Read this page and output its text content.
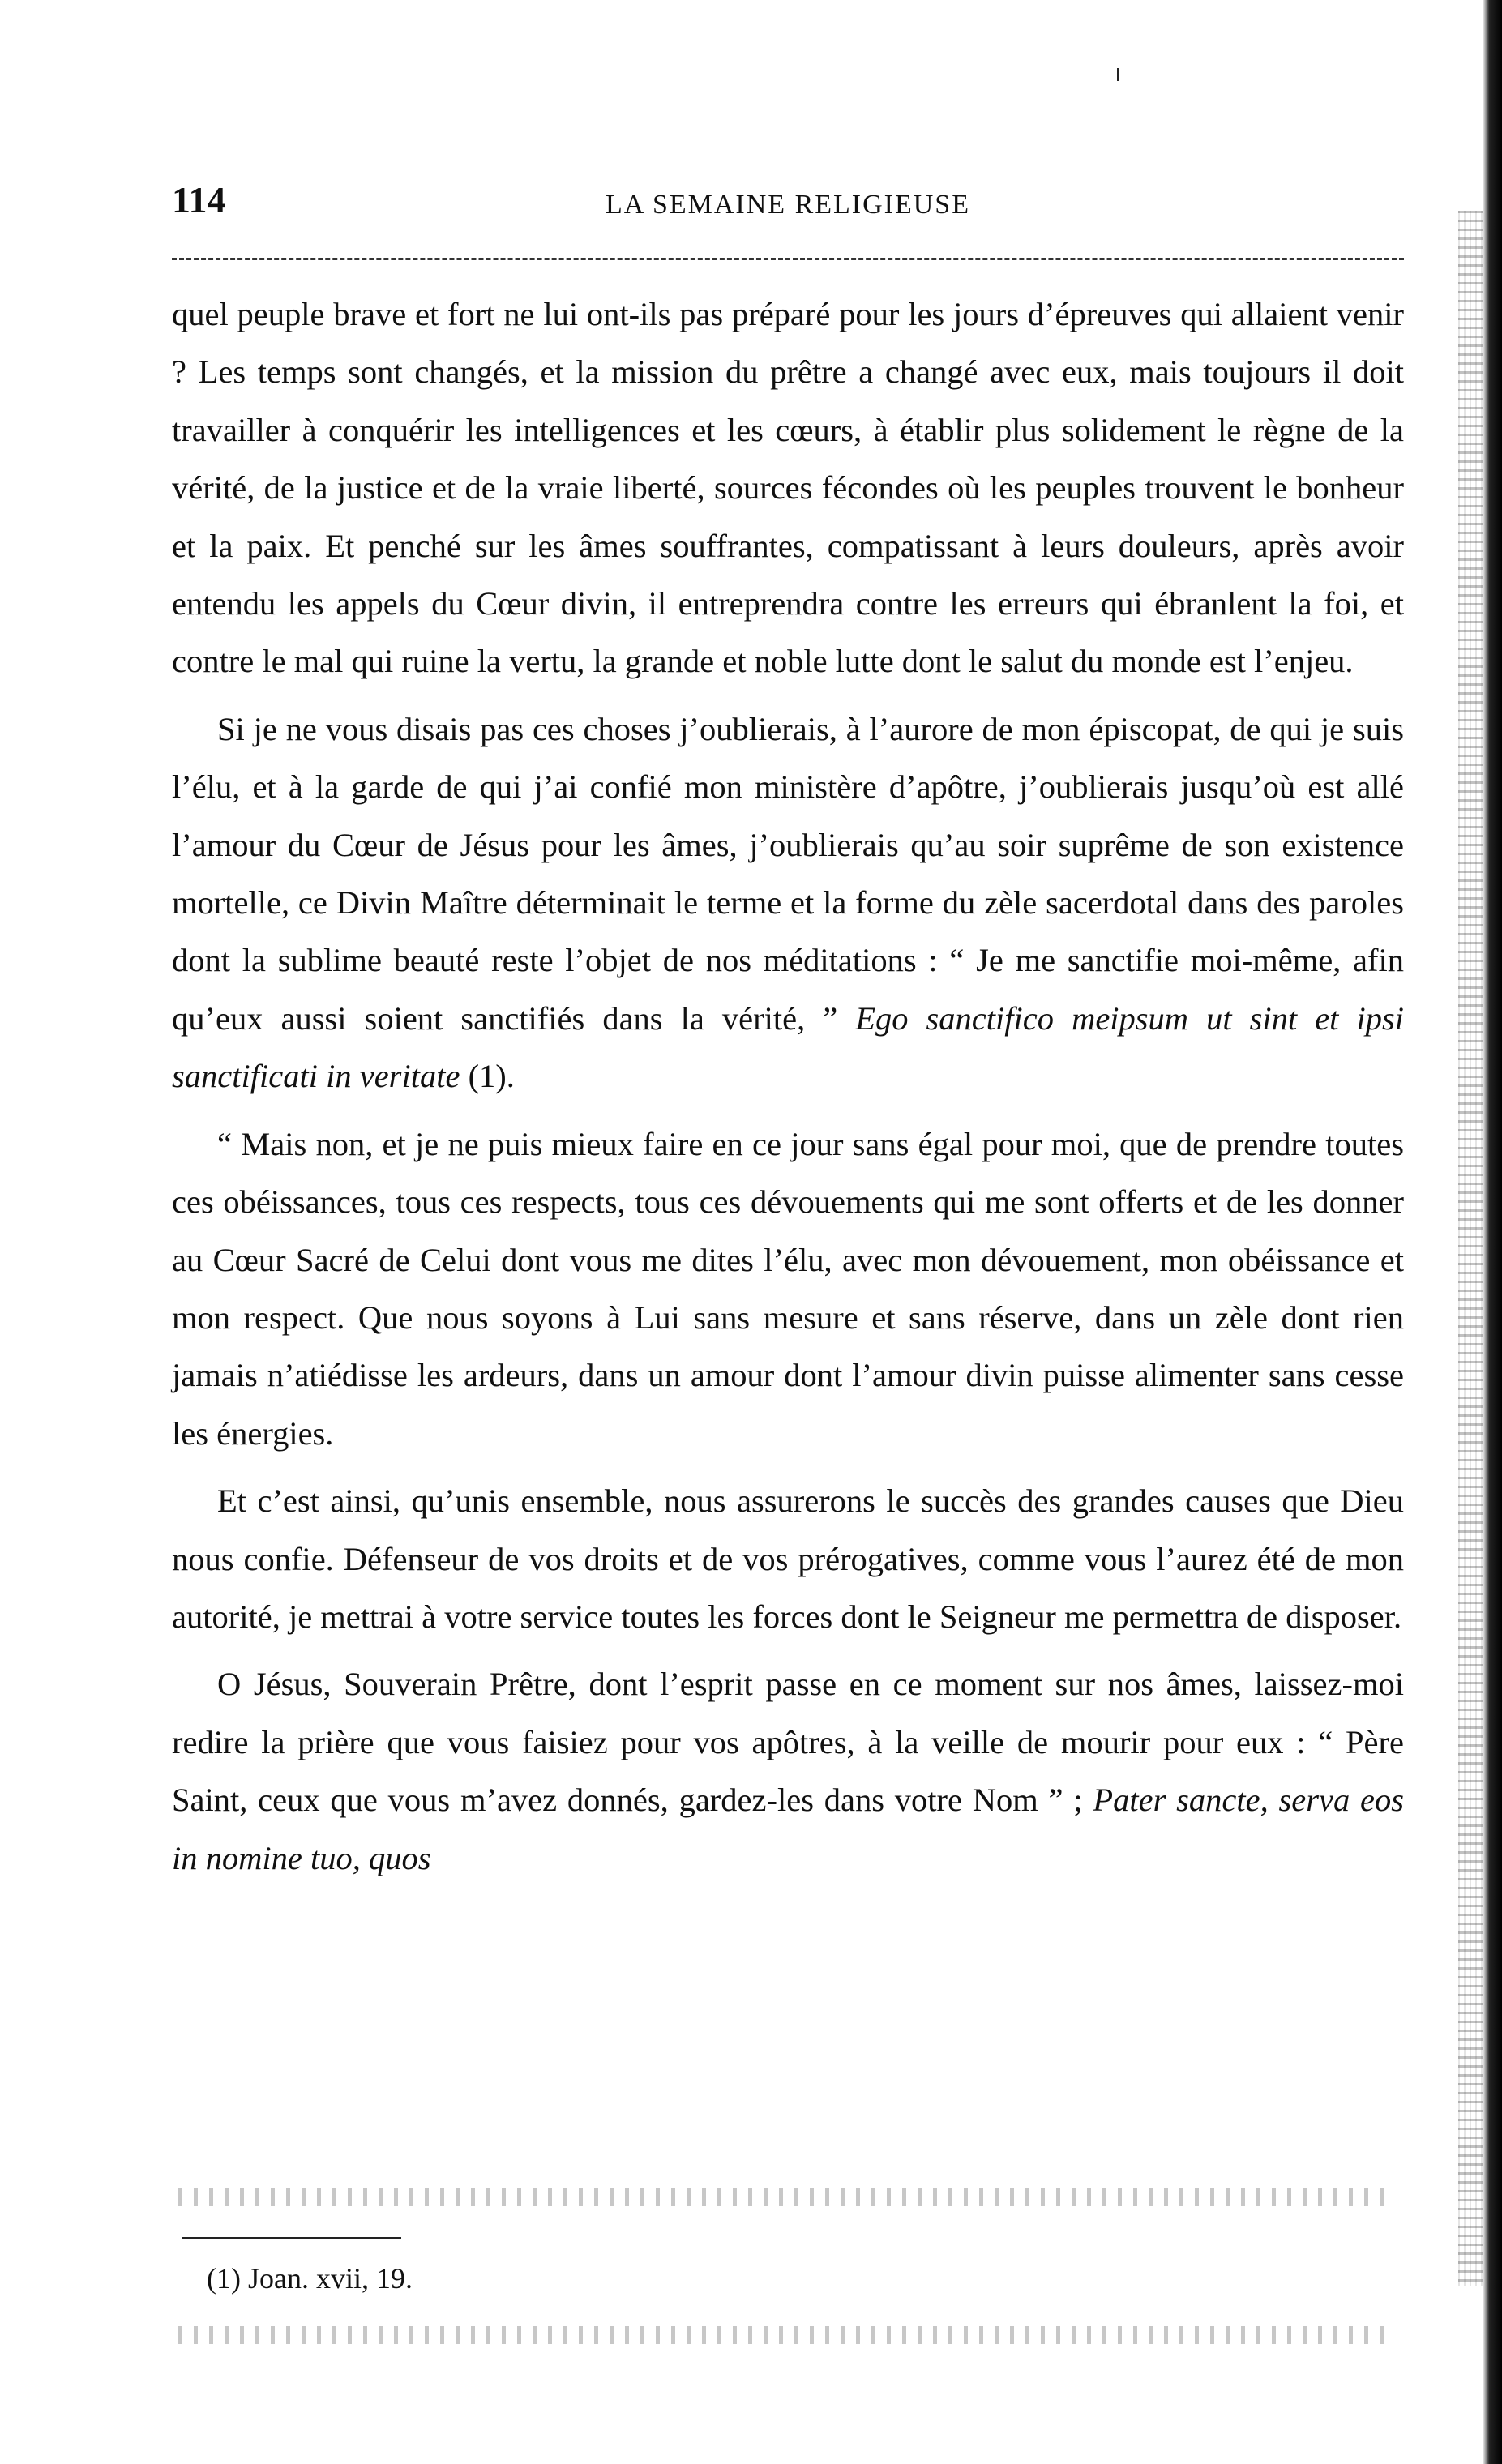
114	LA SEMAINE RELIGIEUSE

quel peuple brave et fort ne lui ont-ils pas préparé pour les jours d’épreuves qui allaient venir ? Les temps sont changés, et la mission du prêtre a changé avec eux, mais toujours il doit travailler à conquérir les intelligences et les cœurs, à établir plus solidement le règne de la vérité, de la justice et de la vraie liberté, sources fécondes où les peuples trouvent le bonheur et la paix. Et penché sur les âmes souffrantes, compatissant à leurs douleurs, après avoir entendu les appels du Cœur divin, il entreprendra contre les erreurs qui ébranlent la foi, et contre le mal qui ruine la vertu, la grande et noble lutte dont le salut du monde est l’enjeu.

Si je ne vous disais pas ces choses j’oublierais, à l’aurore de mon épiscopat, de qui je suis l’élu, et à la garde de qui j’ai confié mon ministère d’apôtre, j’oublierais jusqu’où est allé l’amour du Cœur de Jésus pour les âmes, j’oublierais qu’au soir suprême de son existence mortelle, ce Divin Maître déterminait le terme et la forme du zèle sacerdotal dans des paroles dont la sublime beauté reste l’objet de nos méditations : “ Je me sanctifie moi-même, afin qu’eux aussi soient sanctifiés dans la vérité, ” Ego sanctifico meipsum ut sint et ipsi sanctificati in veritate (1).

“ Mais non, et je ne puis mieux faire en ce jour sans égal pour moi, que de prendre toutes ces obéissances, tous ces respects, tous ces dévouements qui me sont offerts et de les donner au Cœur Sacré de Celui dont vous me dites l’élu, avec mon dévouement, mon obéissance et mon respect. Que nous soyons à Lui sans mesure et sans réserve, dans un zèle dont rien jamais n’atiédisse les ardeurs, dans un amour dont l’amour divin puisse alimenter sans cesse les énergies.

Et c’est ainsi, qu’unis ensemble, nous assurerons le succès des grandes causes que Dieu nous confie. Défenseur de vos droits et de vos prérogatives, comme vous l’aurez été de mon autorité, je mettrai à votre service toutes les forces dont le Seigneur me permettra de disposer.

O Jésus, Souverain Prêtre, dont l’esprit passe en ce moment sur nos âmes, laissez-moi redire la prière que vous faisiez pour vos apôtres, à la veille de mourir pour eux : “ Père Saint, ceux que vous m’avez donnés, gardez-les dans votre Nom ” ; Pater sancte, serva eos in nomine tuo, quos

(1) Joan. xvii, 19.
